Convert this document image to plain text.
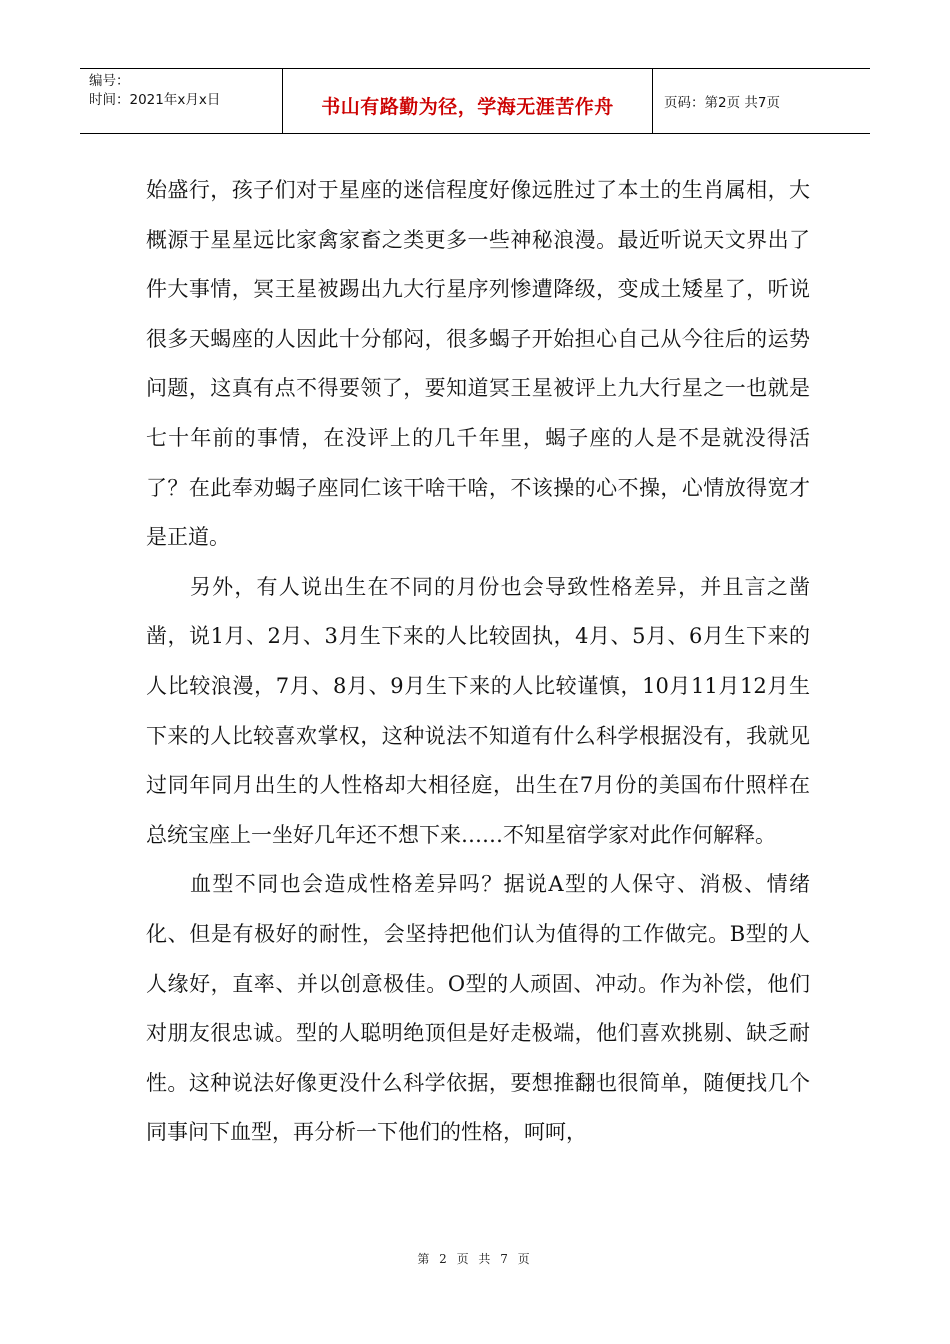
编号：
时间：2021年x月x日	书山有路勤为径，学海无涯苦作舟	页码：第2页 共7页

始盛行，孩子们对于星座的迷信程度好像远胜过了本土的生肖属相，大概源于星星远比家禽家畜之类更多一些神秘浪漫。最近听说天文界出了件大事情，冥王星被踢出九大行星序列惨遭降级，变成土矮星了，听说很多天蝎座的人因此十分郁闷，很多蝎子开始担心自己从今往后的运势问题，这真有点不得要领了，要知道冥王星被评上九大行星之一也就是七十年前的事情，在没评上的几千年里，蝎子座的人是不是就没得活了？在此奉劝蝎子座同仁该干啥干啥，不该操的心不操，心情放得宽才是正道。

另外，有人说出生在不同的月份也会导致性格差异，并且言之凿凿，说1月、2月、3月生下来的人比较固执，4月、5月、6月生下来的人比较浪漫，7月、8月、9月生下来的人比较谨慎，10月11月12月生下来的人比较喜欢掌权，这种说法不知道有什么科学根据没有，我就见过同年同月出生的人性格却大相径庭，出生在7月份的美国布什照样在总统宝座上一坐好几年还不想下来……不知星宿学家对此作何解释。

血型不同也会造成性格差异吗？据说A型的人保守、消极、情绪化、但是有极好的耐性，会坚持把他们认为值得的工作做完。B型的人人缘好，直率、并以创意极佳。O型的人顽固、冲动。作为补偿，他们对朋友很忠诚。型的人聪明绝顶但是好走极端，他们喜欢挑剔、缺乏耐性。这种说法好像更没什么科学依据，要想推翻也很简单，随便找几个同事问下血型，再分析一下他们的性格，呵呵，

第 2 页 共 7 页
